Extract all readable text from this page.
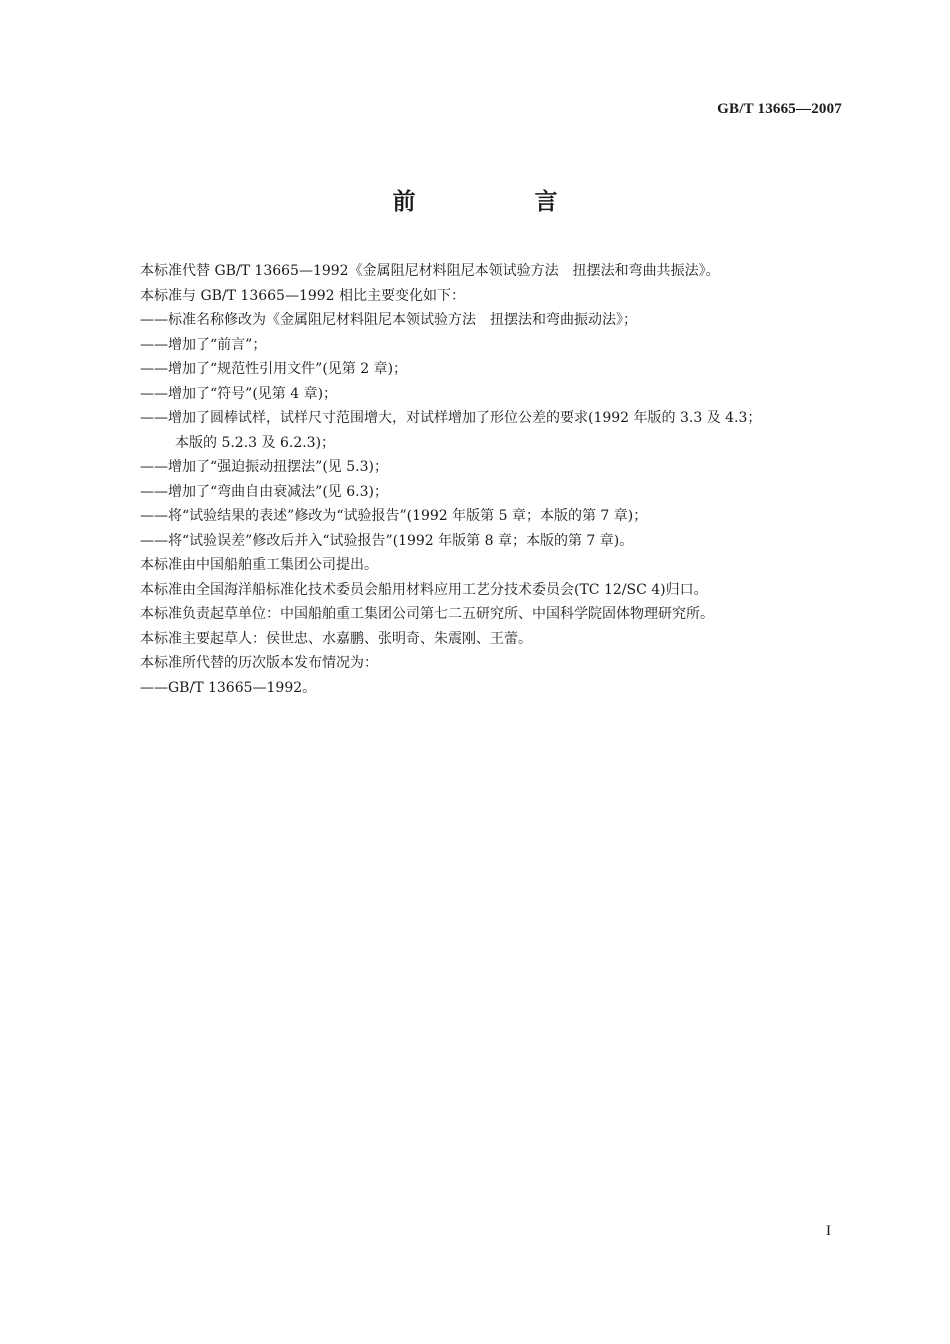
GB/T 13665—2007
前　言
本标准代替 GB/T 13665—1992《金属阻尼材料阻尼本领试验方法　扭摆法和弯曲共振法》。
本标准与 GB/T 13665—1992 相比主要变化如下：
——标准名称修改为《金属阻尼材料阻尼本领试验方法　扭摆法和弯曲振动法》；
——增加了“前言”；
——增加了“规范性引用文件”(见第 2 章)；
——增加了“符号”(见第 4 章)；
——增加了圆棒试样，试样尺寸范围增大，对试样增加了形位公差的要求(1992 年版的 3.3 及 4.3；
本版的 5.2.3 及 6.2.3)；
——增加了“强迫振动扭摆法”(见 5.3)；
——增加了“弯曲自由衰减法”(见 6.3)；
——将“试验结果的表述”修改为“试验报告”(1992 年版第 5 章；本版的第 7 章)；
——将“试验误差”修改后并入“试验报告”(1992 年版第 8 章；本版的第 7 章)。
本标准由中国船舶重工集团公司提出。
本标准由全国海洋船标准化技术委员会船用材料应用工艺分技术委员会(TC 12/SC 4)归口。
本标准负责起草单位：中国船舶重工集团公司第七二五研究所、中国科学院固体物理研究所。
本标准主要起草人：侯世忠、水嘉鹏、张明奇、朱震刚、王蕾。
本标准所代替的历次版本发布情况为：
——GB/T 13665—1992。
I
